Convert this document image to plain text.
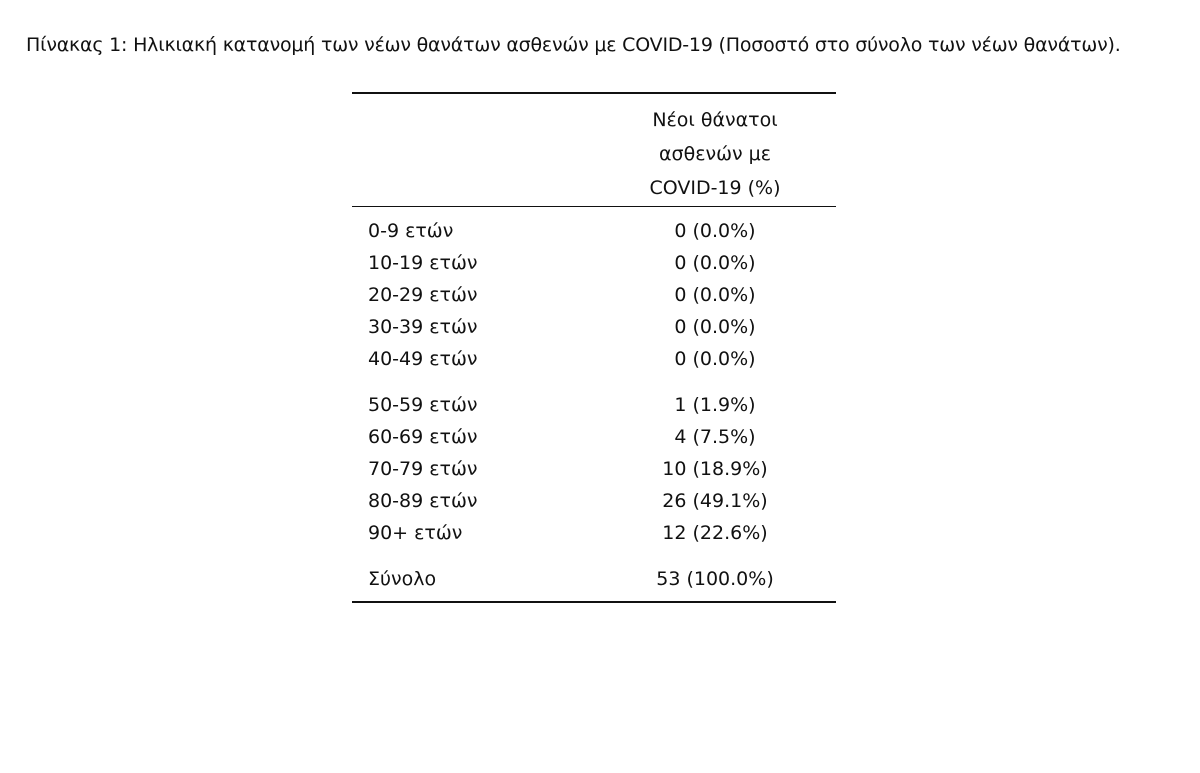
Πίνακας 1: Ηλικιακή κατανομή των νέων θανάτων ασθενών με COVID-19 (Ποσοστό στο σύνολο των νέων θανάτων).
Νέοι θάνατοι
ασθενών με
COVID-19 (%)
0-9 ετών	0 (0.0%)
10-19 ετών	0 (0.0%)
20-29 ετών	0 (0.0%)
30-39 ετών	0 (0.0%)
40-49 ετών	0 (0.0%)
50-59 ετών	1 (1.9%)
60-69 ετών	4 (7.5%)
70-79 ετών	10 (18.9%)
80-89 ετών	26 (49.1%)
90+ ετών	12 (22.6%)
Σύνολο	53 (100.0%)
